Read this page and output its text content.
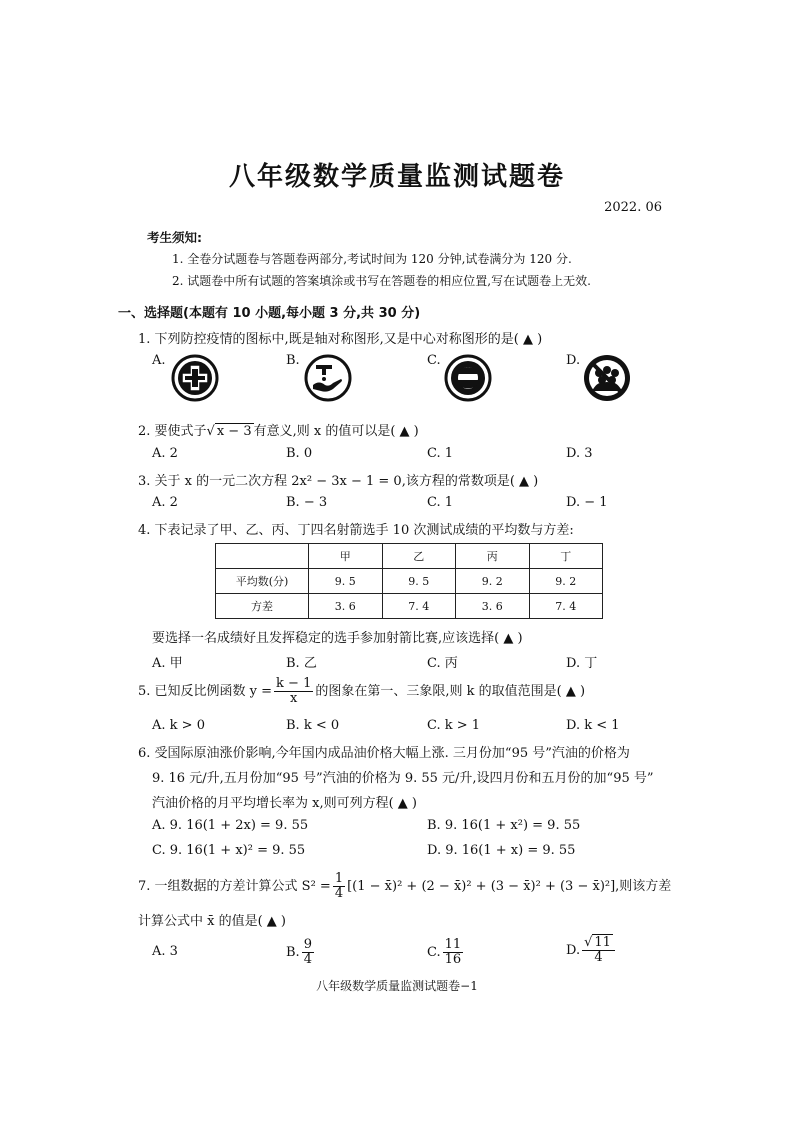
八年级数学质量监测试题卷
2022. 06
考生须知:
1. 全卷分试题卷与答题卷两部分,考试时间为 120 分钟,试卷满分为 120 分.
2. 试题卷中所有试题的答案填涂或书写在答题卷的相应位置,写在试题卷上无效.
一、选择题(本题有 10 小题,每小题 3 分,共 30 分)
1. 下列防控疫情的图标中,既是轴对称图形,又是中心对称图形的是( ▲ )
A.	B.	C.	D.
2. 要使式子√ x − 3 有意义,则 x 的值可以是( ▲ )
A. 2	B. 0	C. 1	D. 3
3. 关于 x 的一元二次方程 2x² − 3x − 1 = 0,该方程的常数项是( ▲ )
A. 2	B. − 3	C. 1	D. − 1
4. 下表记录了甲、乙、丙、丁四名射箭选手 10 次测试成绩的平均数与方差:
	甲	乙	丙	丁
平均数(分)	9. 5	9. 5	9. 2	9. 2
方差	3. 6	7. 4	3. 6	7. 4
要选择一名成绩好且发挥稳定的选手参加射箭比赛,应该选择( ▲ )
A. 甲	B. 乙	C. 丙	D. 丁
5. 已知反比例函数 $y = \frac{k - 1}{x}$ 的图象在第一、三象限,则 k 的取值范围是( ▲ )
A. k > 0	B. k < 0	C. k > 1	D. k < 1
6. 受国际原油涨价影响,今年国内成品油价格大幅上涨. 三月份加“95 号”汽油的价格为
9. 16 元/升,五月份加“95 号”汽油的价格为 9. 55 元/升,设四月份和五月份的加“95 号”
汽油价格的月平均增长率为 x,则可列方程( ▲ )
A. 9. 16(1 + 2x) = 9. 55	B. 9. 16(1 + x²) = 9. 55
C. 9. 16(1 + x)² = 9. 55	D. 9. 16(1 + x) = 9. 55
7. 一组数据的方差计算公式 $S^2 = \frac{1}{4} [(1$ − x̄)² + (2 − x̄)² + (3 − x̄)² + (3 − x̄)²],则该方差
计算公式中 x̄ 的值是( ▲ )
A. 3	B. $\frac{9}{4}$	C. $\frac{11}{16}$	D. $\frac{√ 11}{4}$
八年级数学质量监测试题卷−1
